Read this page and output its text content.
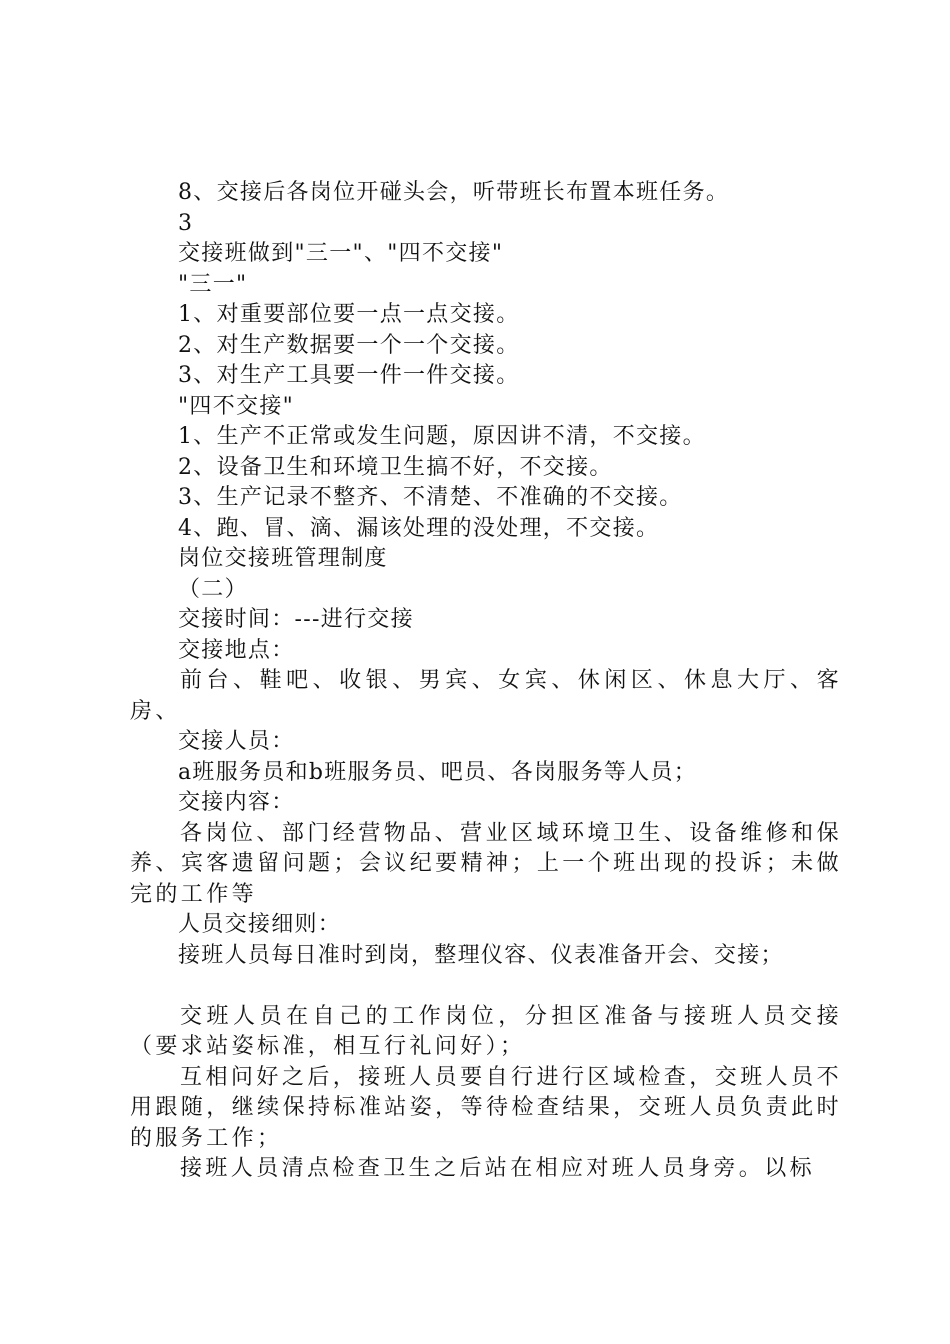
8、交接后各岗位开碰头会，听带班长布置本班任务。
3
交接班做到"三一"、"四不交接"
"三一"
1、对重要部位要一点一点交接。
2、对生产数据要一个一个交接。
3、对生产工具要一件一件交接。
"四不交接"
1、生产不正常或发生问题，原因讲不清，不交接。
2、设备卫生和环境卫生搞不好，不交接。
3、生产记录不整齐、不清楚、不准确的不交接。
4、跑、冒、滴、漏该处理的没处理，不交接。
岗位交接班管理制度
（二）
交接时间：---进行交接
交接地点：

前台、鞋吧、收银、男宾、女宾、休闲区、休息大厅、客房、

交接人员：
a班服务员和b班服务员、吧员、各岗服务等人员；
交接内容：

各岗位、部门经营物品、营业区域环境卫生、设备维修和保养、宾客遗留问题；会议纪要精神；上一个班出现的投诉；未做完的工作等

人员交接细则：
接班人员每日准时到岗，整理仪容、仪表准备开会、交接；

交班人员在自己的工作岗位，分担区准备与接班人员交接（要求站姿标准，相互行礼问好）；

互相问好之后，接班人员要自行进行区域检查，交班人员不用跟随，继续保持标准站姿，等待检查结果，交班人员负责此时的服务工作；

接班人员清点检查卫生之后站在相应对班人员身旁。以标
